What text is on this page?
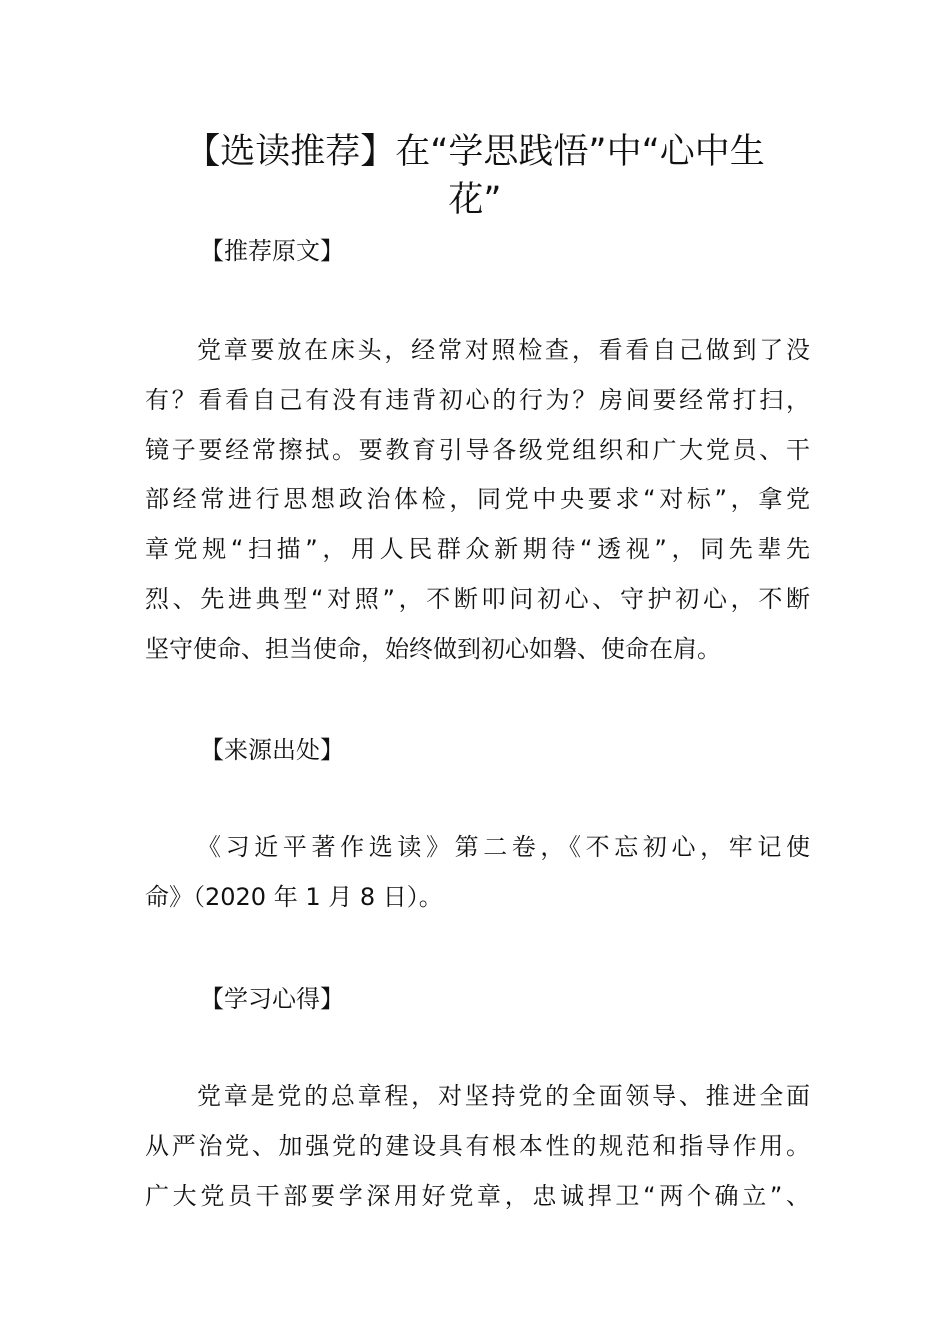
【选读推荐】在“学思践悟”中“心中生
花”
【推荐原文】
党章要放在床头，经常对照检查，看看自己做到了没
有？看看自己有没有违背初心的行为？房间要经常打扫，
镜子要经常擦拭。要教育引导各级党组织和广大党员、干
部经常进行思想政治体检，同党中央要求“对标”，拿党
章党规“扫描”，用人民群众新期待“透视”，同先辈先
烈、先进典型“对照”，不断叩问初心、守护初心，不断
坚守使命、担当使命，始终做到初心如磐、使命在肩。
【来源出处】
《习近平著作选读》第二卷，《不忘初心，牢记使
命》（2020 年 1 月 8 日）。
【学习心得】
党章是党的总章程，对坚持党的全面领导、推进全面
从严治党、加强党的建设具有根本性的规范和指导作用。
广大党员干部要学深用好党章，忠诚捍卫“两个确立”、
